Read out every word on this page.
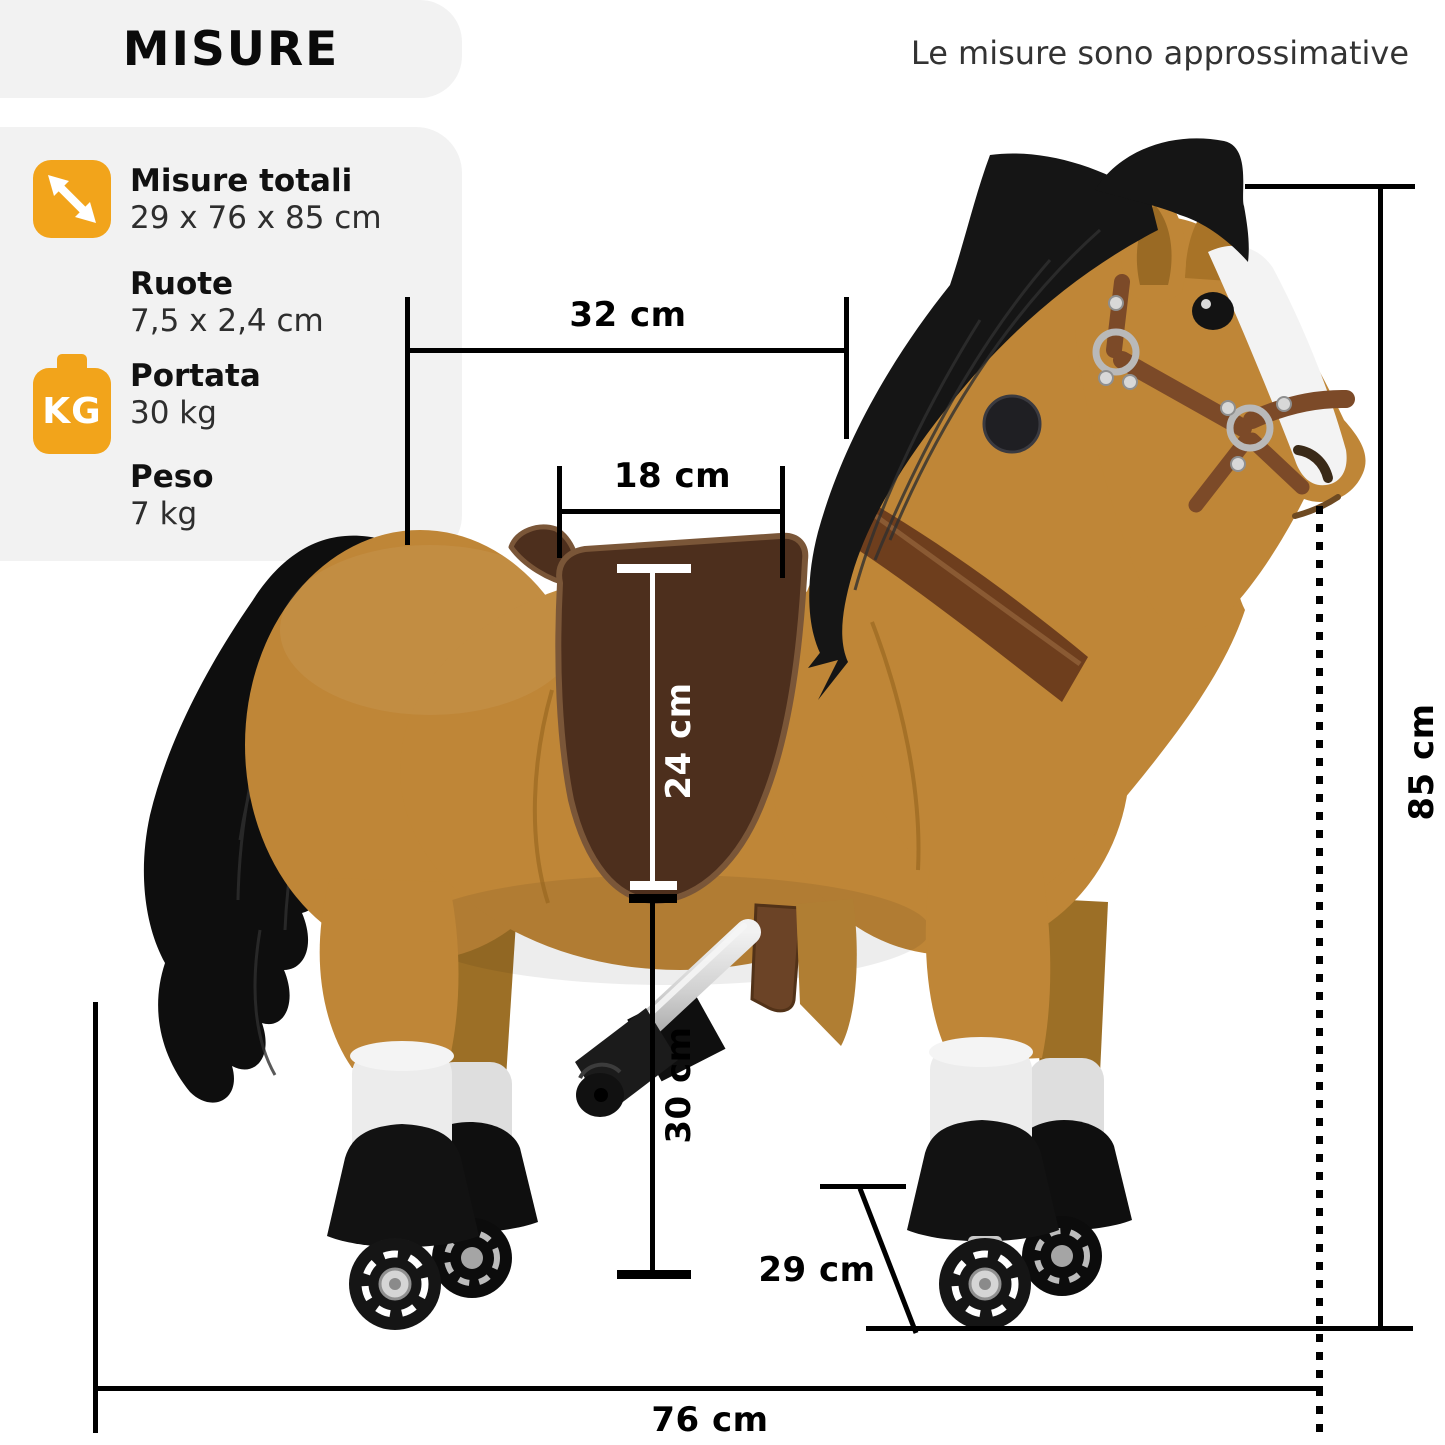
MISURE	Le misure sono approssimative
KG
Misure totali
29 x 76 x 85 cm
Ruote
7,5 x 2,4 cm
Portata
30 kg
Peso
7 kg
32 cm
18 cm
24 cm
30 cm
29 cm
85 cm
76 cm
